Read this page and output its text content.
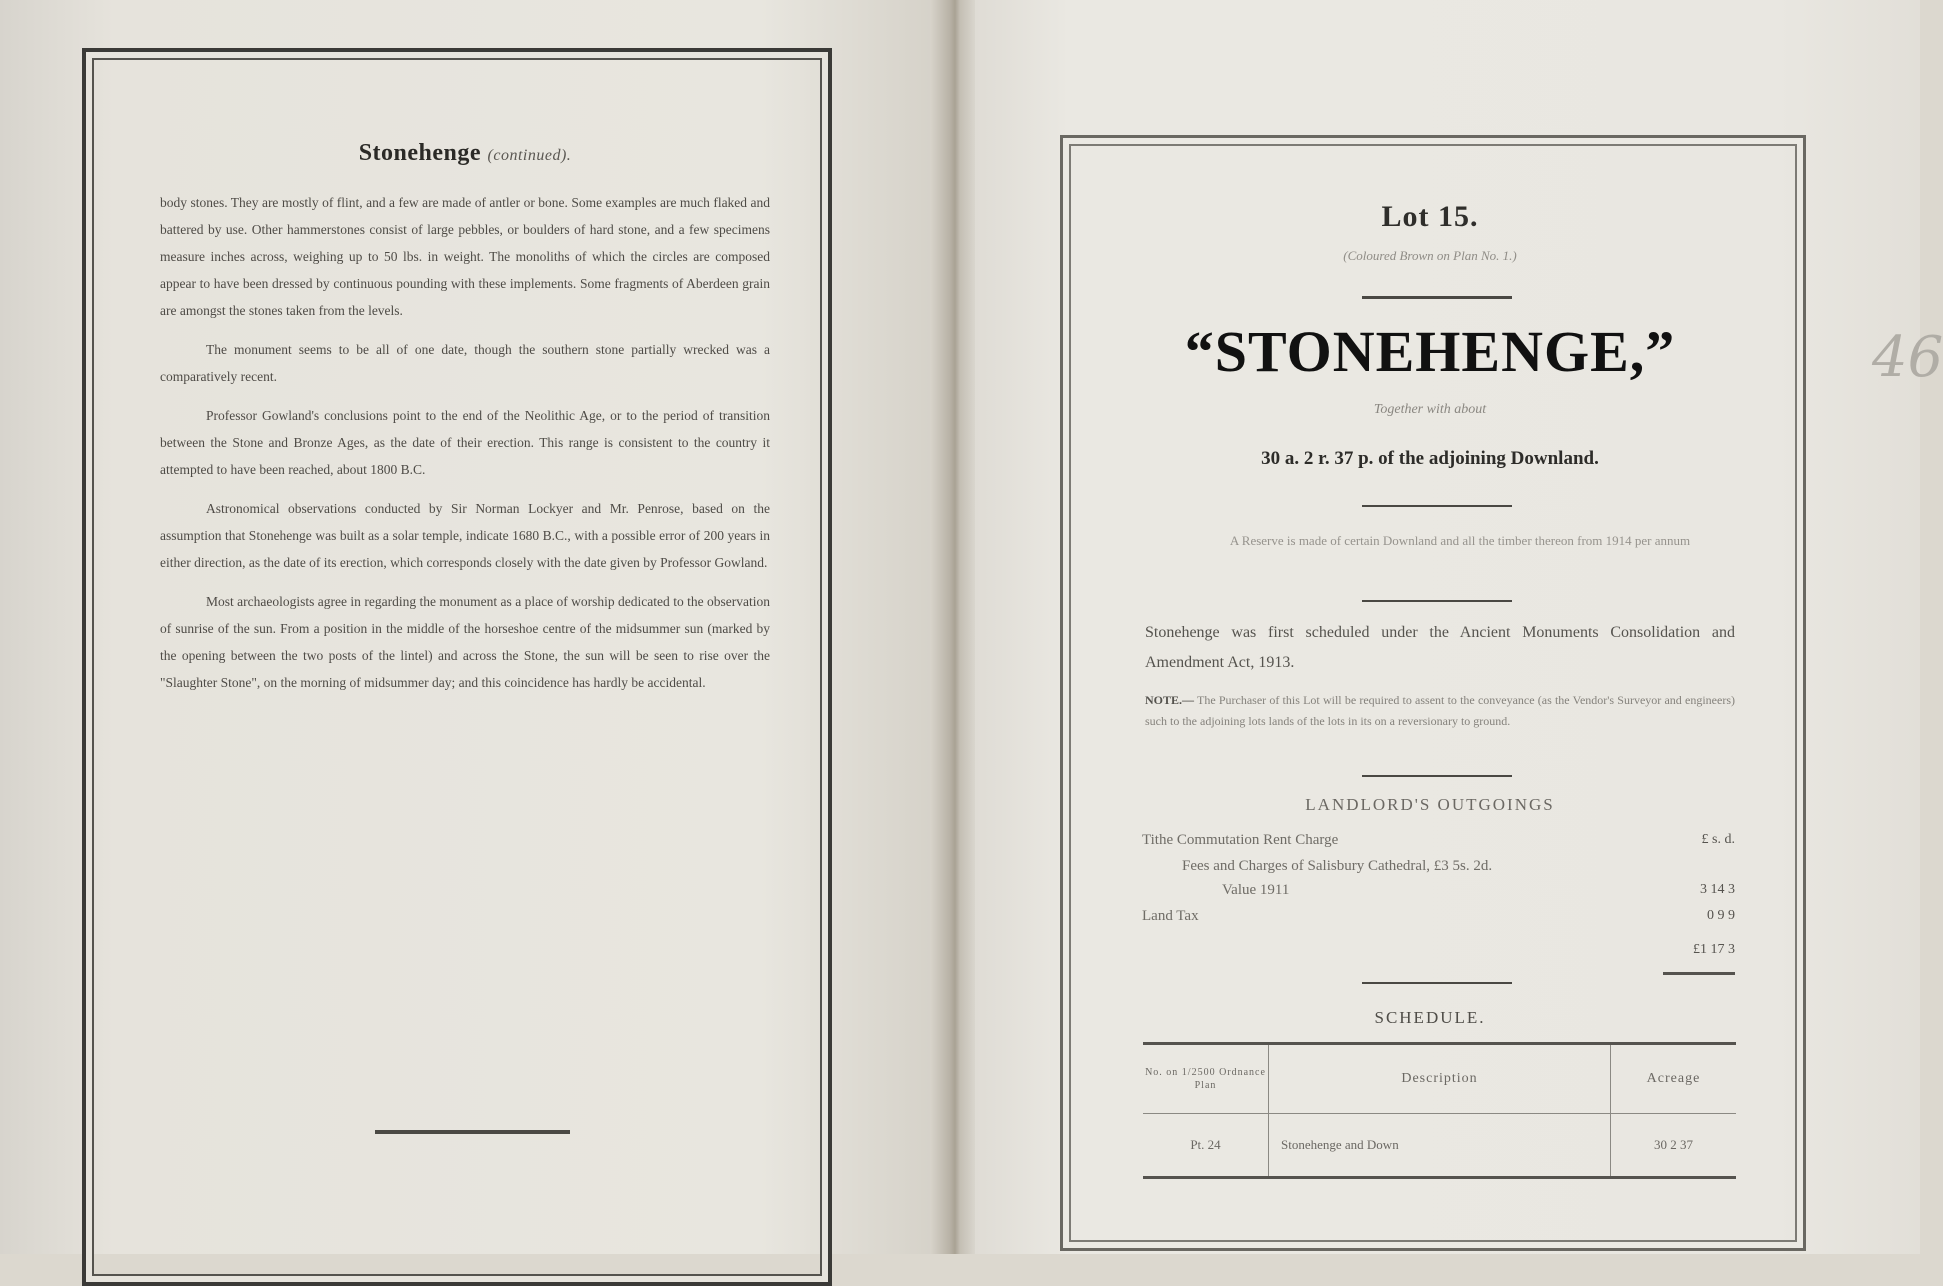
Stonehenge (continued).

body stones. They are mostly of flint, and a few are made of antler or bone. Some examples are much flaked and battered by use. Other hammerstones consist of large pebbles, or boulders of hard stone, and a few specimens measure inches across, weighing up to 50 lbs. in weight. The monoliths of which the circles are composed appear to have been dressed by continuous pounding with these implements. Some fragments of Aberdeen grain are amongst the stones taken from the levels.

The monument seems to be all of one date, though the southern stone partially wrecked was a comparatively recent.

Professor Gowland's conclusions point to the end of the Neolithic Age, or to the period of transition between the Stone and Bronze Ages, as the date of their erection. This range is consistent to the country it attempted to have been reached, about 1800 B.C.

Astronomical observations conducted by Sir Norman Lockyer and Mr. Penrose, based on the assumption that Stonehenge was built as a solar temple, indicate 1680 B.C., with a possible error of 200 years in either direction, as the date of its erection, which corresponds closely with the date given by Professor Gowland.

Most archaeologists agree in regarding the monument as a place of worship dedicated to the observation of sunrise of the sun. From a position in the middle of the horseshoe centre of the midsummer sun (marked by the opening between the two posts of the lintel) and across the Stone, the sun will be seen to rise over the "Slaughter Stone", on the morning of midsummer day; and this coincidence has hardly be accidental.

Lot 15.
(Coloured Brown on Plan No. 1.)
“STONEHENGE,”
Together with about
30 a. 2 r. 37 p. of the adjoining Downland.
A Reserve is made of certain Downland and all the timber thereon from 1914 per annum
Stonehenge was first scheduled under the Ancient Monuments Consolidation and Amendment Act, 1913.
NOTE.— The Purchaser of this Lot will be required to assent to the conveyance (as the Vendor's Surveyor and engineers) such to the adjoining lots lands of the lots in its on a reversionary to ground.
LANDLORD'S OUTGOINGS
Tithe Commutation Rent Charge	£ s. d.
Fees and Charges of Salisbury Cathedral, £3 5s. 2d.
Value 1911	3 14 3
Land Tax	0 9 9
£1 17 3
SCHEDULE.
No. on 1/2500 Ordnance Plan	Description	Acreage
Pt. 24	Stonehenge and Down	30 2 37
46
